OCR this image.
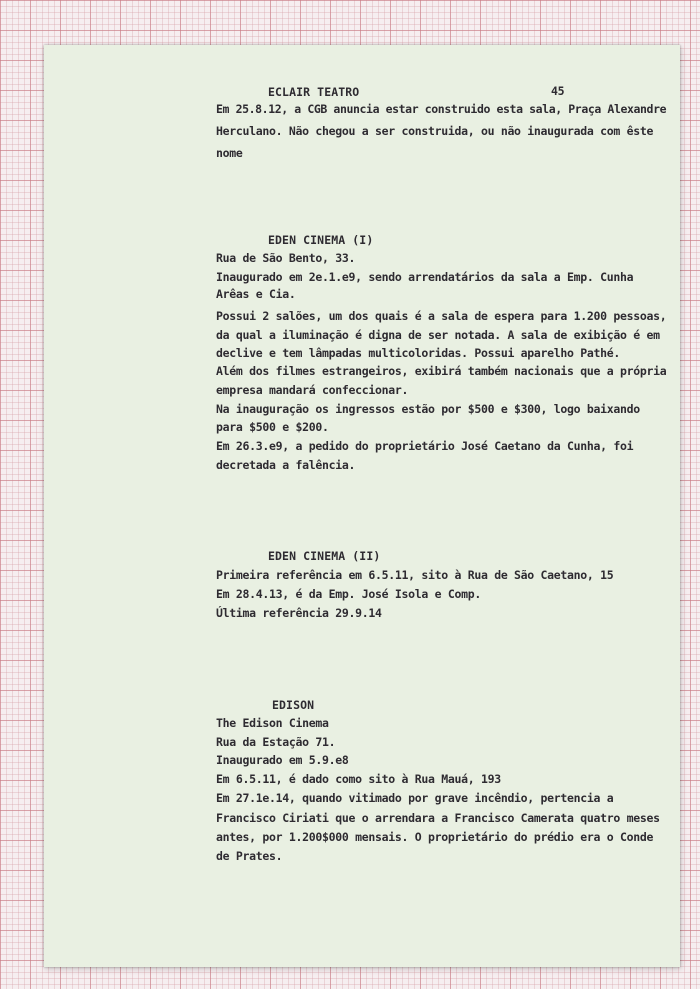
45
ECLAIR TEATRO
Em 25.8.12, a CGB anuncia estar construido esta sala, Praça Alexandre
Herculano. Não chegou a ser construida, ou não inaugurada com êste
nome
EDEN CINEMA (I)
Rua de São Bento, 33.
Inaugurado em 2e.1.e9, sendo arrendatários da sala a Emp. Cunha
Arêas e Cia.
Possui 2 salões, um dos quais é a sala de espera para 1.200 pessoas,
da qual a iluminação é digna de ser notada. A sala de exibição é em
declive e tem lâmpadas multicoloridas. Possui aparelho Pathé.
Além dos filmes estrangeiros, exibirá também nacionais que a própria
empresa mandará confeccionar.
Na inauguração os ingressos estão por $500 e $300, logo baixando
para $500 e $200.
Em 26.3.e9, a pedido do proprietário José Caetano da Cunha, foi
decretada a falência.
EDEN CINEMA (II)
Primeira referência em 6.5.11, sito à Rua de São Caetano, 15
Em 28.4.13, é da Emp. José Isola e Comp.
Última referência 29.9.14
EDISON
The Edison Cinema
Rua da Estação 71.
Inaugurado em 5.9.e8
Em 6.5.11, é dado como sito à Rua Mauá, 193
Em 27.1e.14, quando vitimado por grave incêndio, pertencia a
Francisco Ciriati que o arrendara a Francisco Camerata quatro meses
antes, por 1.200$000 mensais. O proprietário do prédio era o Conde
de Prates.
